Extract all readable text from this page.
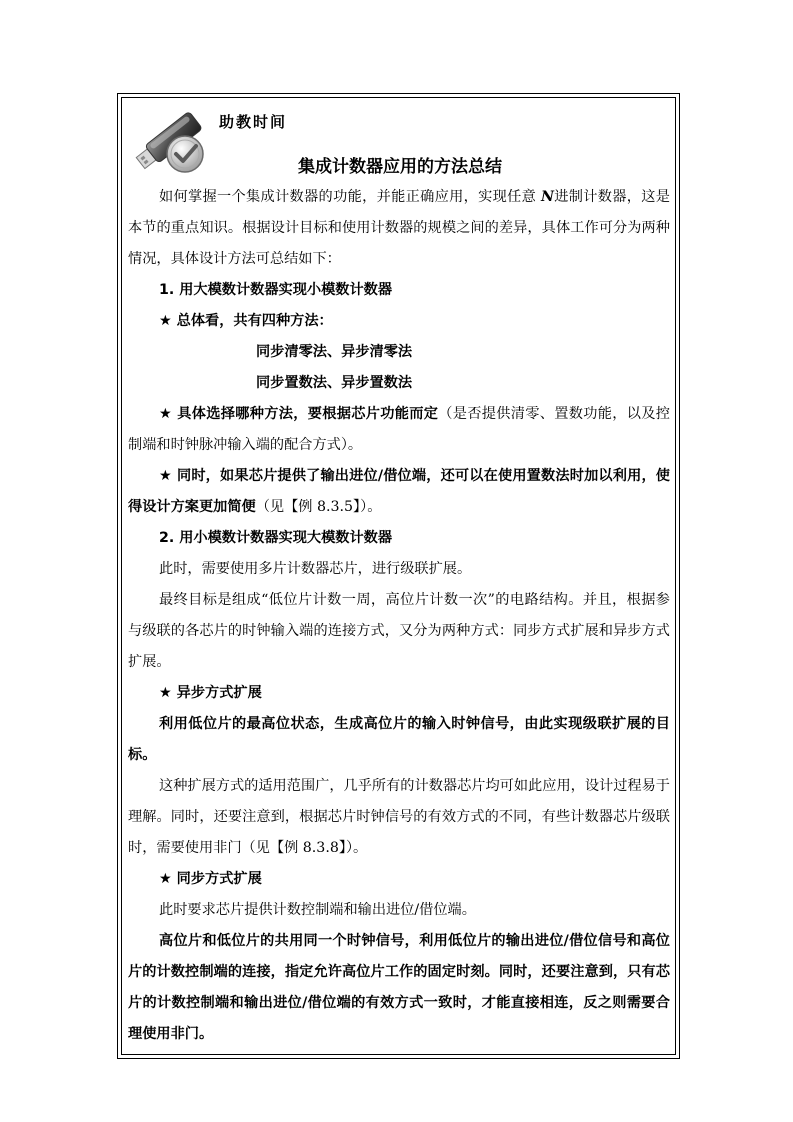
助教时间
集成计数器应用的方法总结

如何掌握一个集成计数器的功能，并能正确应用，实现任意 N进制计数器，这是本节的重点知识。根据设计目标和使用计数器的规模之间的差异，具体工作可分为两种情况，具体设计方法可总结如下：

1. 用大模数计数器实现小模数计数器

★ 总体看，共有四种方法：

同步清零法、异步清零法

同步置数法、异步置数法

★ 具体选择哪种方法，要根据芯片功能而定（是否提供清零、置数功能，以及控制端和时钟脉冲输入端的配合方式）。

★ 同时，如果芯片提供了输出进位/借位端，还可以在使用置数法时加以利用，使得设计方案更加简便（见【例 8.3.5】）。

2. 用小模数计数器实现大模数计数器

此时，需要使用多片计数器芯片，进行级联扩展。

最终目标是组成“低位片计数一周，高位片计数一次”的电路结构。并且，根据参与级联的各芯片的时钟输入端的连接方式，又分为两种方式：同步方式扩展和异步方式扩展。

★ 异步方式扩展

利用低位片的最高位状态，生成高位片的输入时钟信号，由此实现级联扩展的目标。

这种扩展方式的适用范围广，几乎所有的计数器芯片均可如此应用，设计过程易于理解。同时，还要注意到，根据芯片时钟信号的有效方式的不同，有些计数器芯片级联时，需要使用非门（见【例 8.3.8】）。

★ 同步方式扩展

此时要求芯片提供计数控制端和输出进位/借位端。

高位片和低位片的共用同一个时钟信号，利用低位片的输出进位/借位信号和高位片的计数控制端的连接，指定允许高位片工作的固定时刻。同时，还要注意到，只有芯片的计数控制端和输出进位/借位端的有效方式一致时，才能直接相连，反之则需要合理使用非门。
